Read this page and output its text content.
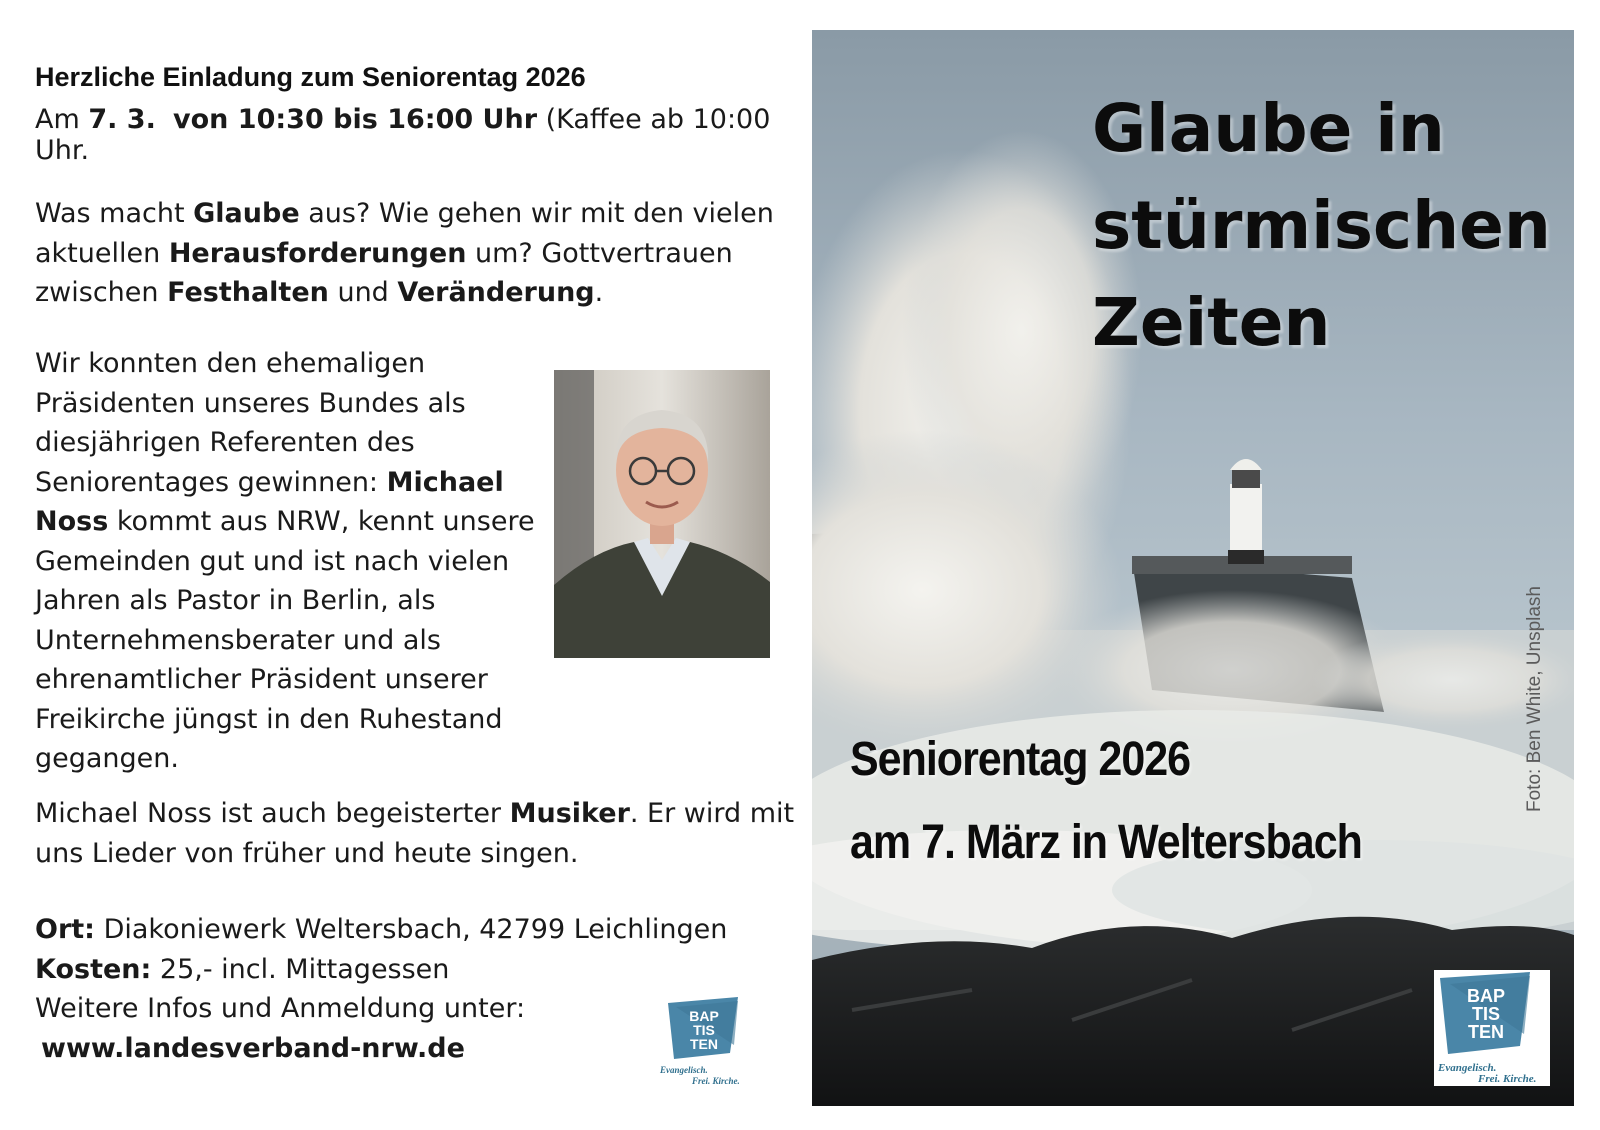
Herzliche Einladung zum Seniorentag 2026
Am 7. 3. von 10:30 bis 16:00 Uhr (Kaffee ab 10:00 Uhr.

Was macht Glaube aus? Wie gehen wir mit den vielen aktuellen Herausforderungen um? Gottvertrauen zwischen Festhalten und Veränderung.

Wir konnten den ehemaligen Präsidenten unseres Bundes als diesjährigen Referenten des Seniorentages gewinnen: Michael Noss kommt aus NRW, kennt unsere Gemeinden gut und ist nach vielen Jahren als Pastor in Berlin, als Unternehmensberater und als ehrenamtlicher Präsident unserer Freikirche jüngst in den Ruhestand gegangen.

Michael Noss ist auch begeisterter Musiker. Er wird mit uns Lieder von früher und heute singen.

Ort: Diakoniewerk Weltersbach, 42799 Leichlingen
Kosten: 25,- incl. Mittagessen
Weitere Infos und Anmeldung unter:
www.landesverband-nrw.de

BAP
TIS
TEN
Evangelisch.
Frei. Kirche.
Glaube in
stürmischen
Zeiten
Seniorentag 2026
am 7. März in Weltersbach
Foto: Ben White, Unsplash
BAP
TIS
TEN
Evangelisch.
Frei. Kirche.
